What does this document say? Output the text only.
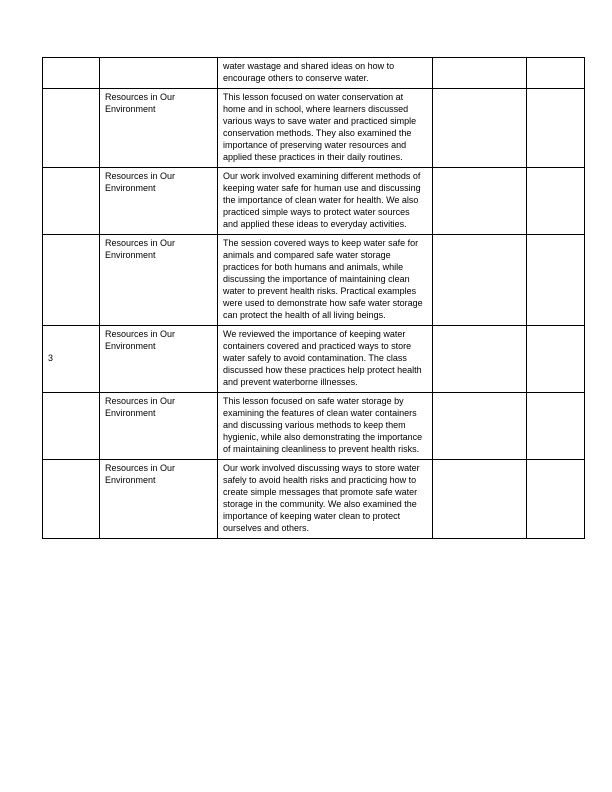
		water wastage and shared ideas on how to encourage others to conserve water.		
	Resources in Our Environment	This lesson focused on water conservation at home and in school, where learners discussed various ways to save water and practiced simple conservation methods. They also examined the importance of preserving water resources and applied these practices in their daily routines.		
	Resources in Our Environment	Our work involved examining different methods of keeping water safe for human use and discussing the importance of clean water for health. We also practiced simple ways to protect water sources and applied these ideas to everyday activities.		
	Resources in Our Environment	The session covered ways to keep water safe for animals and compared safe water storage practices for both humans and animals, while discussing the importance of maintaining clean water to prevent health risks. Practical examples were used to demonstrate how safe water storage can protect the health of all living beings.		
3	Resources in Our Environment	We reviewed the importance of keeping water containers covered and practiced ways to store water safely to avoid contamination. The class discussed how these practices help protect health and prevent waterborne illnesses.		
	Resources in Our Environment	This lesson focused on safe water storage by examining the features of clean water containers and discussing various methods to keep them hygienic, while also demonstrating the importance of maintaining cleanliness to prevent health risks.		
	Resources in Our Environment	Our work involved discussing ways to store water safely to avoid health risks and practicing how to create simple messages that promote safe water storage in the community. We also examined the importance of keeping water clean to protect ourselves and others.		
